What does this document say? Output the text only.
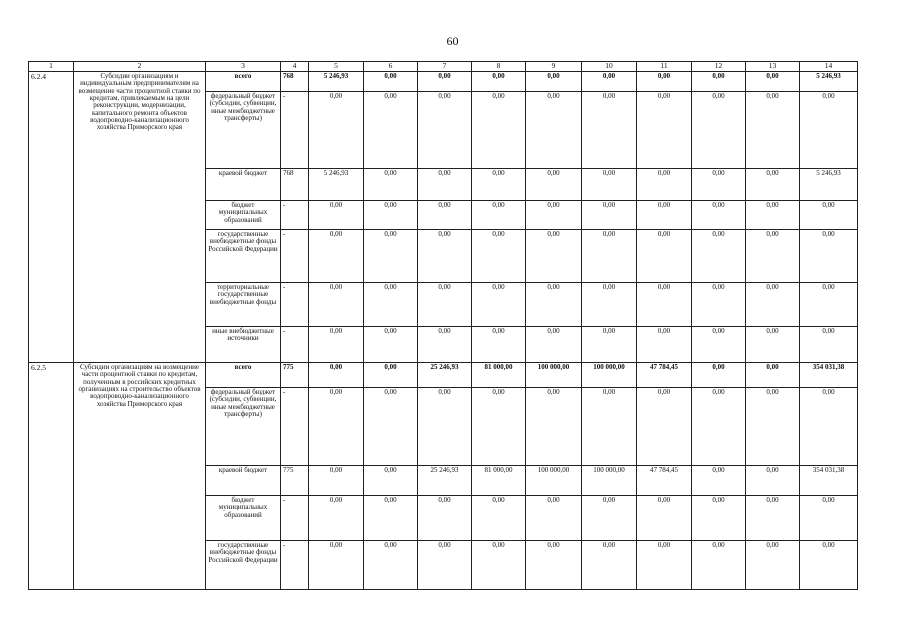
60
1	2	3	4	5	6	7	8	9	10	11	12	13	14
6.2.4	Субсидии организациям и индивидуальным предпринимателям на возмещение части процентной ставки по кредитам, привлекаемым на цели реконструкции, модернизации, капитального ремонта объектов водопроводно-канализационного хозяйства Приморского края	всего	768	5 246,93	0,00	0,00	0,00	0,00	0,00	0,00	0,00	0,00	5 246,93
		федеральный бюджет (субсидии, субвенции, иные межбюджетные трансферты)	-	0,00	0,00	0,00	0,00	0,00	0,00	0,00	0,00	0,00	0,00
		краевой бюджет	768	5 246,93	0,00	0,00	0,00	0,00	0,00	0,00	0,00	0,00	5 246,93
		бюджет муниципальных образований	-	0,00	0,00	0,00	0,00	0,00	0,00	0,00	0,00	0,00	0,00
		государственные внебюджетные фонды Российской Федерации	-	0,00	0,00	0,00	0,00	0,00	0,00	0,00	0,00	0,00	0,00
		территориальные государственные внебюджетные фонды	-	0,00	0,00	0,00	0,00	0,00	0,00	0,00	0,00	0,00	0,00
		иные внебюджетные источники	-	0,00	0,00	0,00	0,00	0,00	0,00	0,00	0,00	0,00	0,00
6.2.5	Субсидии организациям на возмещение части процентной ставки по кредитам, полученным в российских кредитных организациях на строительство объектов водопроводно-канализационного хозяйства Приморского края	всего	775	0,00	0,00	25 246,93	81 000,00	100 000,00	100 000,00	47 784,45	0,00	0,00	354 031,38
		федеральный бюджет (субсидии, субвенции, иные межбюджетные трансферты)	-	0,00	0,00	0,00	0,00	0,00	0,00	0,00	0,00	0,00	0,00
		краевой бюджет	775	0,00	0,00	25 246,93	81 000,00	100 000,00	100 000,00	47 784,45	0,00	0,00	354 031,38
		бюджет муниципальных образований	-	0,00	0,00	0,00	0,00	0,00	0,00	0,00	0,00	0,00	0,00
		государственные внебюджетные фонды Российской Федерации	-	0,00	0,00	0,00	0,00	0,00	0,00	0,00	0,00	0,00	0,00
